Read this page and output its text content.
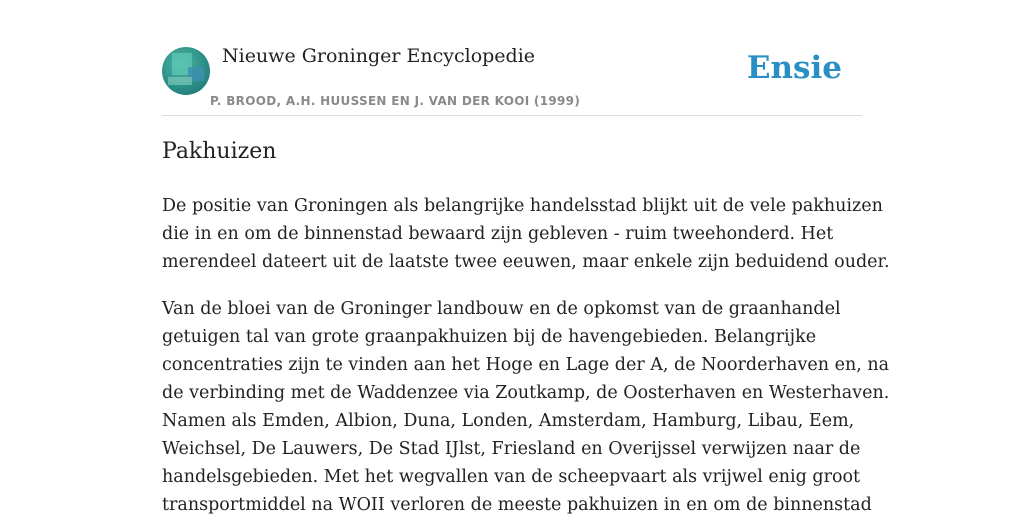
Nieuwe Groninger Encyclopedie
P. BROOD, A.H. HUUSSEN EN J. VAN DER KOOI (1999)
Ensie
Pakhuizen

De positie van Groningen als belangrijke handelsstad blijkt uit de vele pakhuizen
die in en om de binnenstad bewaard zijn gebleven - ruim tweehonderd. Het
merendeel dateert uit de laatste twee eeuwen, maar enkele zijn beduidend ouder.

Van de bloei van de Groninger landbouw en de opkomst van de graanhandel
getuigen tal van grote graanpakhuizen bij de havengebieden. Belangrijke
concentraties zijn te vinden aan het Hoge en Lage der A, de Noorderhaven en, na
de verbinding met de Waddenzee via Zoutkamp, de Oosterhaven en Westerhaven.
Namen als Emden, Albion, Duna, Londen, Amsterdam, Hamburg, Libau, Eem,
Weichsel, De Lauwers, De Stad IJlst, Friesland en Overijssel verwijzen naar de
handelsgebieden. Met het wegvallen van de scheepvaart als vrijwel enig groot
transportmiddel na WOII verloren de meeste pakhuizen in en om de binnenstad
